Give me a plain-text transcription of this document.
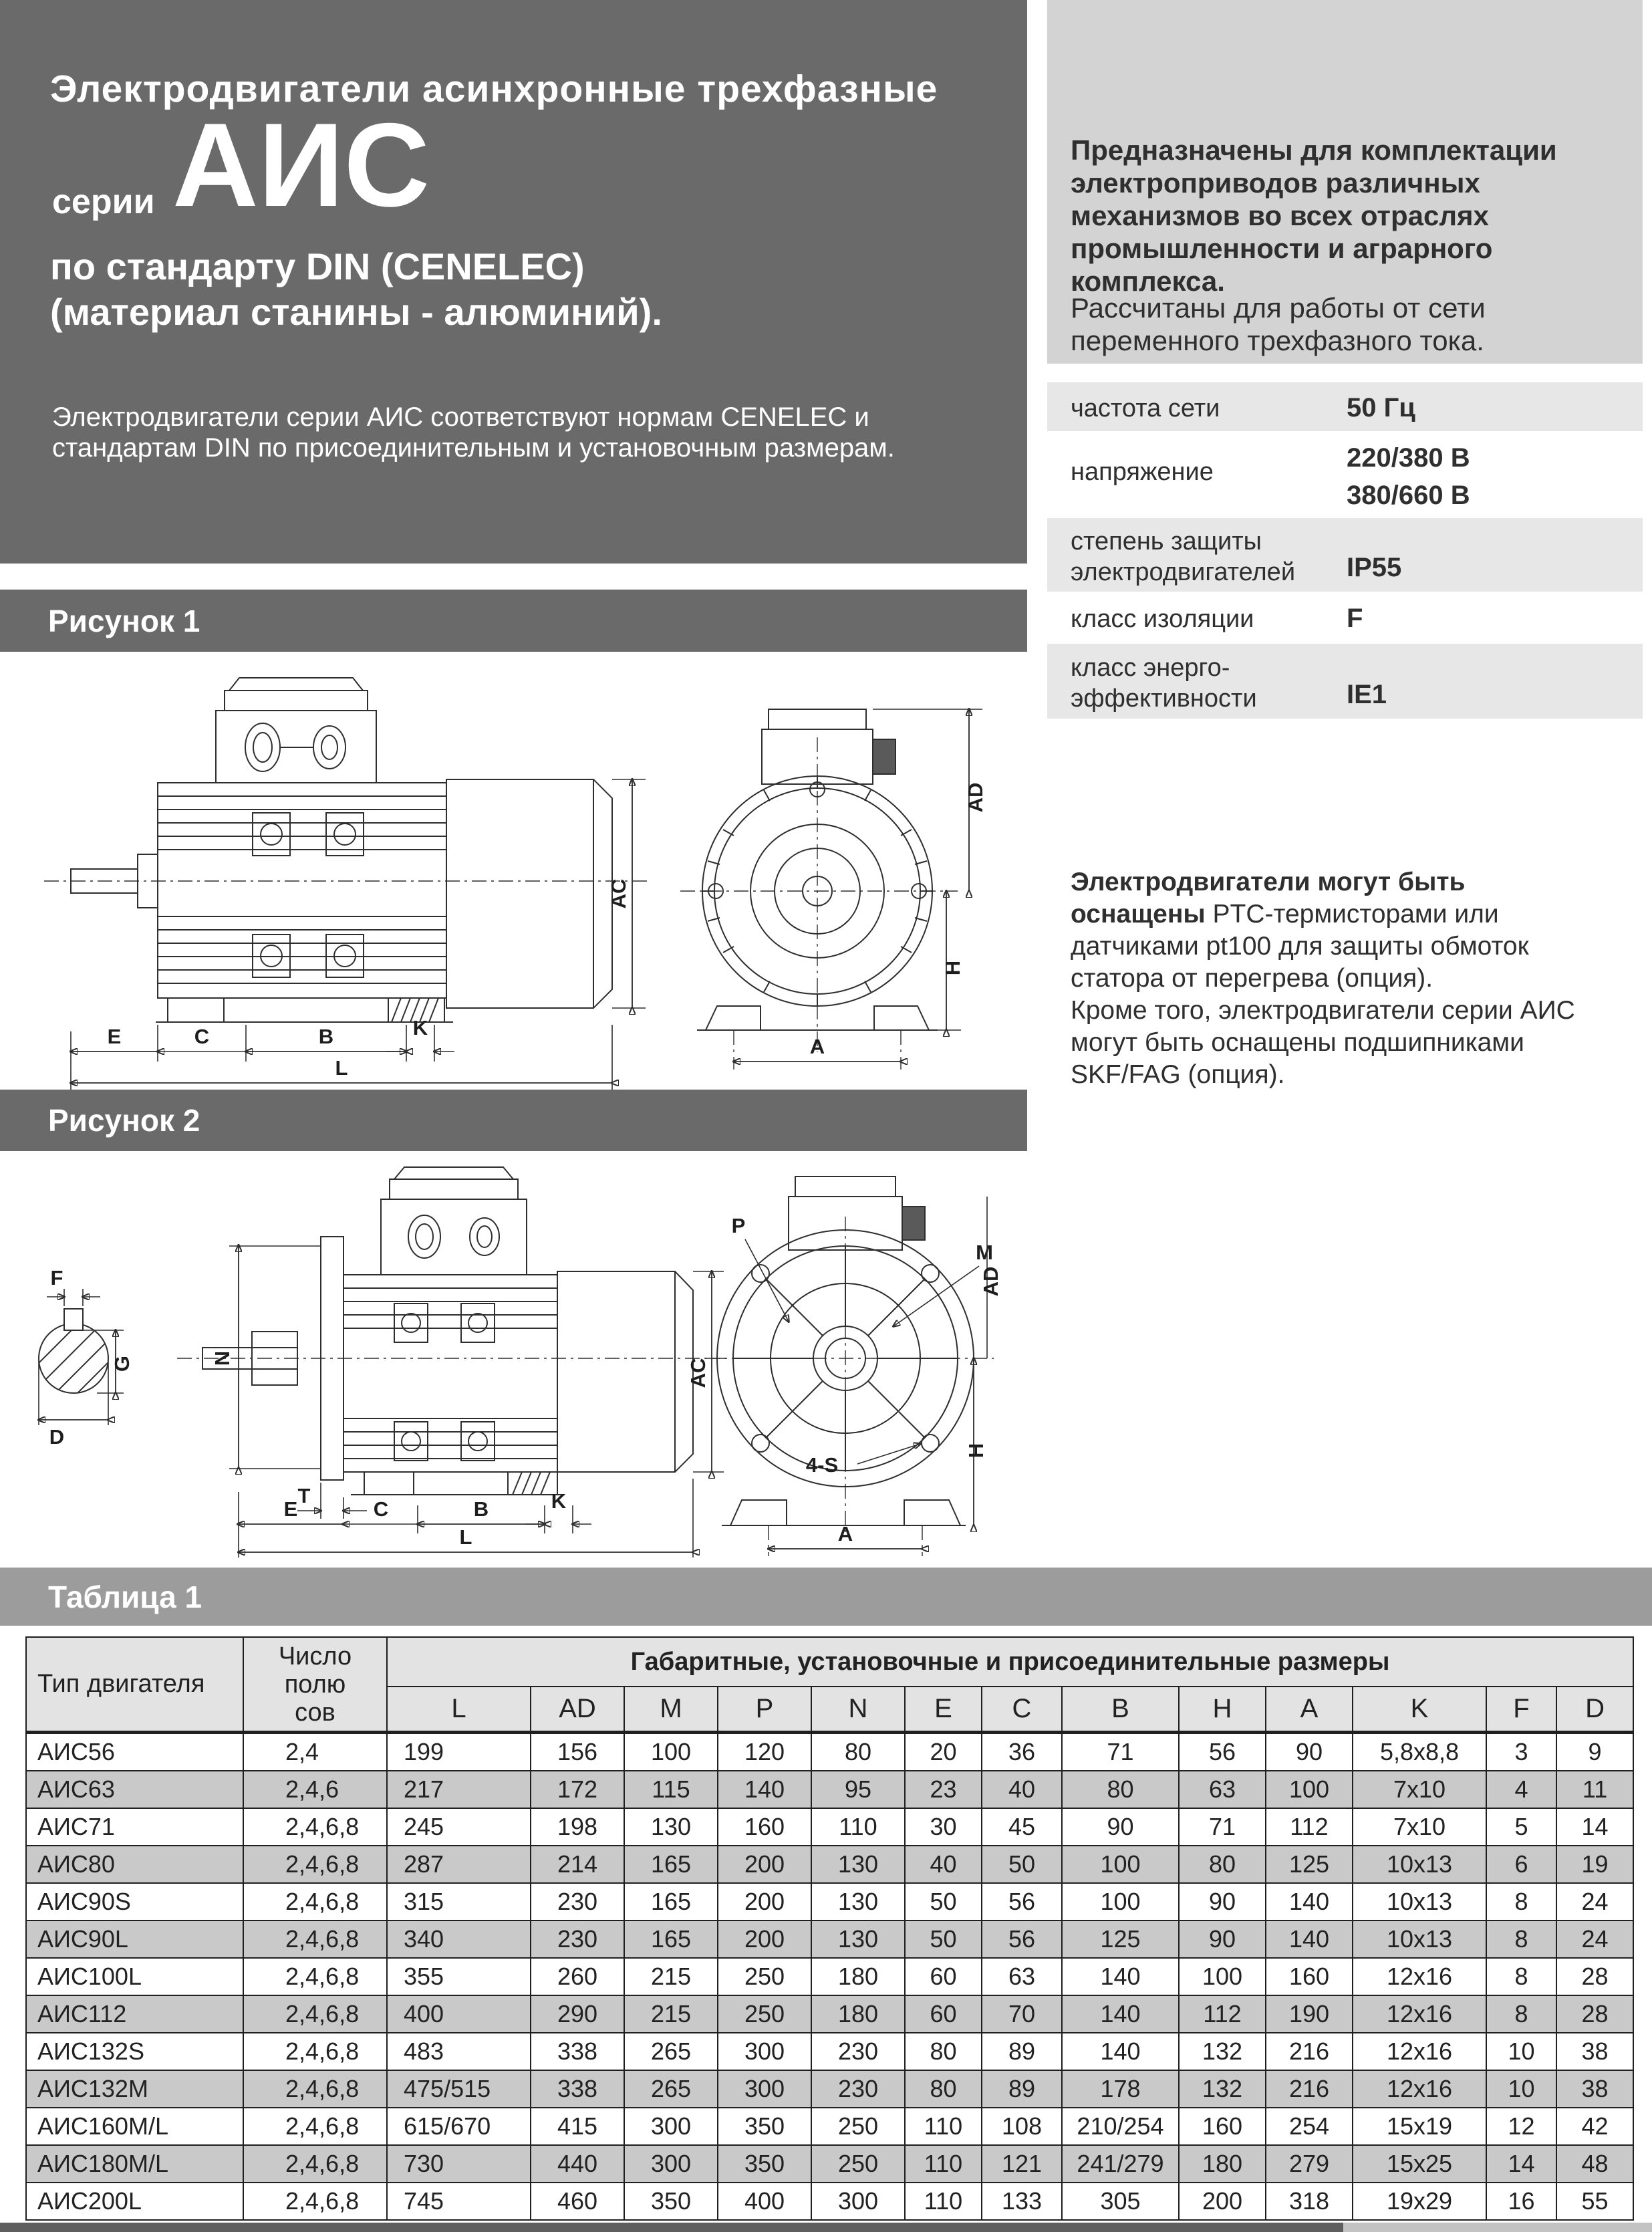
Электродвигатели асинхронные трехфазные
серии АИС
по стандарту DIN (CENELEC)
(материал станины - алюминий).
Электродвигатели серии АИС соответствуют нормам CENELEC и
стандартам DIN по присоединительным и установочным размерам.
Предназначены для комплектации
электроприводов различных
механизмов во всех отраслях
промышленности и аграрного
комплекса.
Рассчитаны для работы от сети
переменного трехфазного тока.
частота сети	50 Гц
напряжение	220/380 В
380/660 В
степень защиты
электродвигателей IP55
класс изоляции	F
класс энерго-
эффективности	IE1
Электродвигатели могут быть
оснащены PTC-термисторами или
датчиками pt100 для защиты обмоток
статора от перегрева (опция).
Кроме того, электродвигатели серии АИС
могут быть оснащены подшипниками
SKF/FAG (опция).
Рисунок 1
E	C	B	K
L
AC
AD
H
A
Рисунок 2
F
G
D
N
T
E	C	B	K
L
AC
P
M
AD
H
4-S
A
Таблица 1
Тип двигателя	Число
полю
сов	Габаритные, установочные и присоединительные размеры												
		L	AD	M	P	N	E	C	B	H	A	K	F	D
АИС56	2,4	199	156	100	120	80	20	36	71	56	90	5,8x8,8	3	9
АИС63	2,4,6	217	172	115	140	95	23	40	80	63	100	7x10	4	11
АИС71	2,4,6,8	245	198	130	160	110	30	45	90	71	112	7x10	5	14
АИС80	2,4,6,8	287	214	165	200	130	40	50	100	80	125	10x13	6	19
АИС90S	2,4,6,8	315	230	165	200	130	50	56	100	90	140	10x13	8	24
АИС90L	2,4,6,8	340	230	165	200	130	50	56	125	90	140	10x13	8	24
АИС100L	2,4,6,8	355	260	215	250	180	60	63	140	100	160	12x16	8	28
АИС112	2,4,6,8	400	290	215	250	180	60	70	140	112	190	12x16	8	28
АИС132S	2,4,6,8	483	338	265	300	230	80	89	140	132	216	12x16	10	38
АИС132M	2,4,6,8	475/515	338	265	300	230	80	89	178	132	216	12x16	10	38
АИС160M/L	2,4,6,8	615/670	415	300	350	250	110	108	210/254	160	254	15x19	12	42
АИС180M/L	2,4,6,8	730	440	300	350	250	110	121	241/279	180	279	15x25	14	48
АИС200L	2,4,6,8	745	460	350	400	300	110	133	305	200	318	19x29	16	55
